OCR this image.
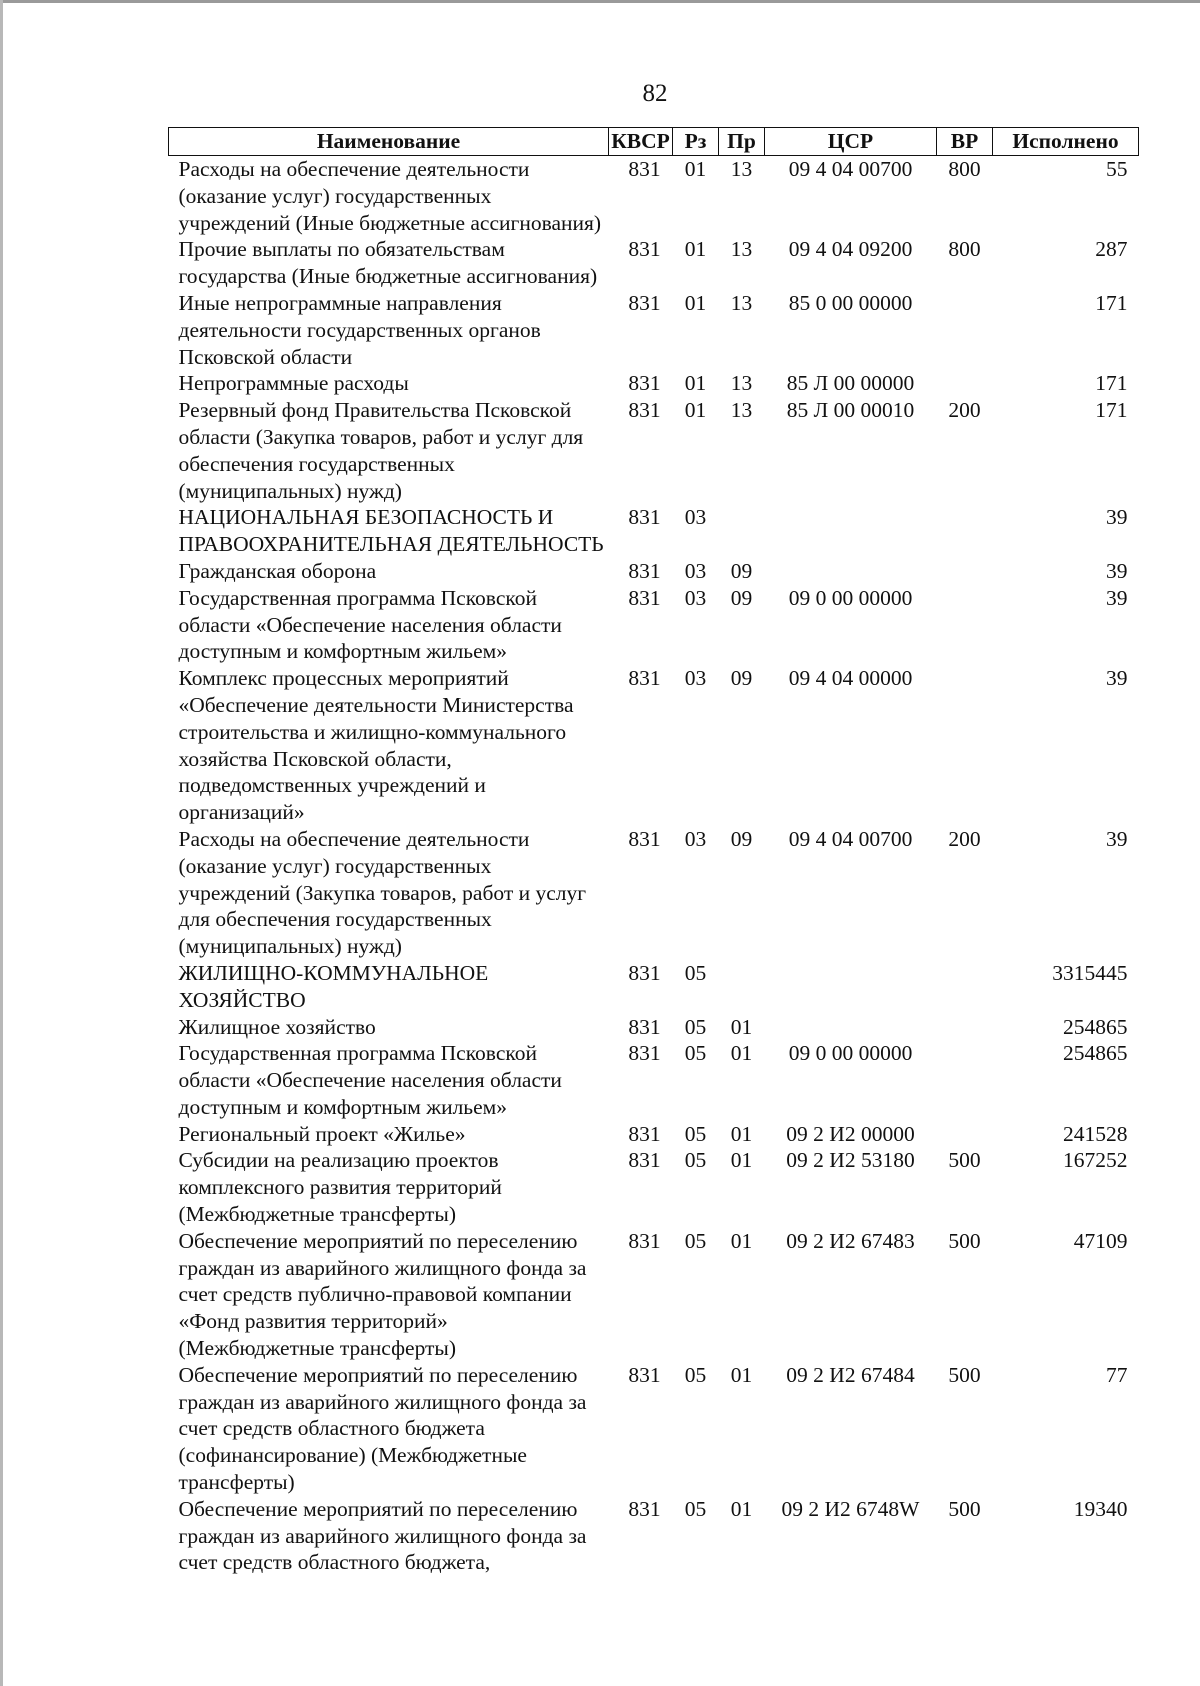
82
Наименование	КВСР	Рз	Пр	ЦСР	ВР	Исполнено
Расходы на обеспечение деятельности (оказание услуг) государственных учреждений (Иные бюджетные ассигнования)	831	01	13	09 4 04 00700	800	55
Прочие выплаты по обязательствам государства (Иные бюджетные ассигнования)	831	01	13	09 4 04 09200	800	287
Иные непрограммные направления деятельности государственных органов Псковской области	831	01	13	85 0 00 00000		171
Непрограммные расходы	831	01	13	85 Л 00 00000		171
Резервный фонд Правительства Псковской области (Закупка товаров, работ и услуг для обеспечения государственных (муниципальных) нужд)	831	01	13	85 Л 00 00010	200	171
НАЦИОНАЛЬНАЯ БЕЗОПАСНОСТЬ И ПРАВООХРАНИТЕЛЬНАЯ ДЕЯТЕЛЬНОСТЬ	831	03				39
Гражданская оборона	831	03	09			39
Государственная программа Псковской области «Обеспечение населения области доступным и комфортным жильем»	831	03	09	09 0 00 00000		39
Комплекс процессных мероприятий «Обеспечение деятельности Министерства строительства и жилищно-коммунального хозяйства Псковской области, подведомственных учреждений и организаций»	831	03	09	09 4 04 00000		39
Расходы на обеспечение деятельности (оказание услуг) государственных учреждений (Закупка товаров, работ и услуг для обеспечения государственных (муниципальных) нужд)	831	03	09	09 4 04 00700	200	39
ЖИЛИЩНО-КОММУНАЛЬНОЕ ХОЗЯЙСТВО	831	05				3315445
Жилищное хозяйство	831	05	01			254865
Государственная программа Псковской области «Обеспечение населения области доступным и комфортным жильем»	831	05	01	09 0 00 00000		254865
Региональный проект «Жилье»	831	05	01	09 2 И2 00000		241528
Субсидии на реализацию проектов комплексного развития территорий (Межбюджетные трансферты)	831	05	01	09 2 И2 53180	500	167252
Обеспечение мероприятий по переселению граждан из аварийного жилищного фонда за счет средств публично-правовой компании «Фонд развития территорий» (Межбюджетные трансферты)	831	05	01	09 2 И2 67483	500	47109
Обеспечение мероприятий по переселению граждан из аварийного жилищного фонда за счет средств областного бюджета (софинансирование) (Межбюджетные трансферты)	831	05	01	09 2 И2 67484	500	77
Обеспечение мероприятий по переселению граждан из аварийного жилищного фонда за счет средств областного бюджета,	831	05	01	09 2 И2 6748W	500	19340
